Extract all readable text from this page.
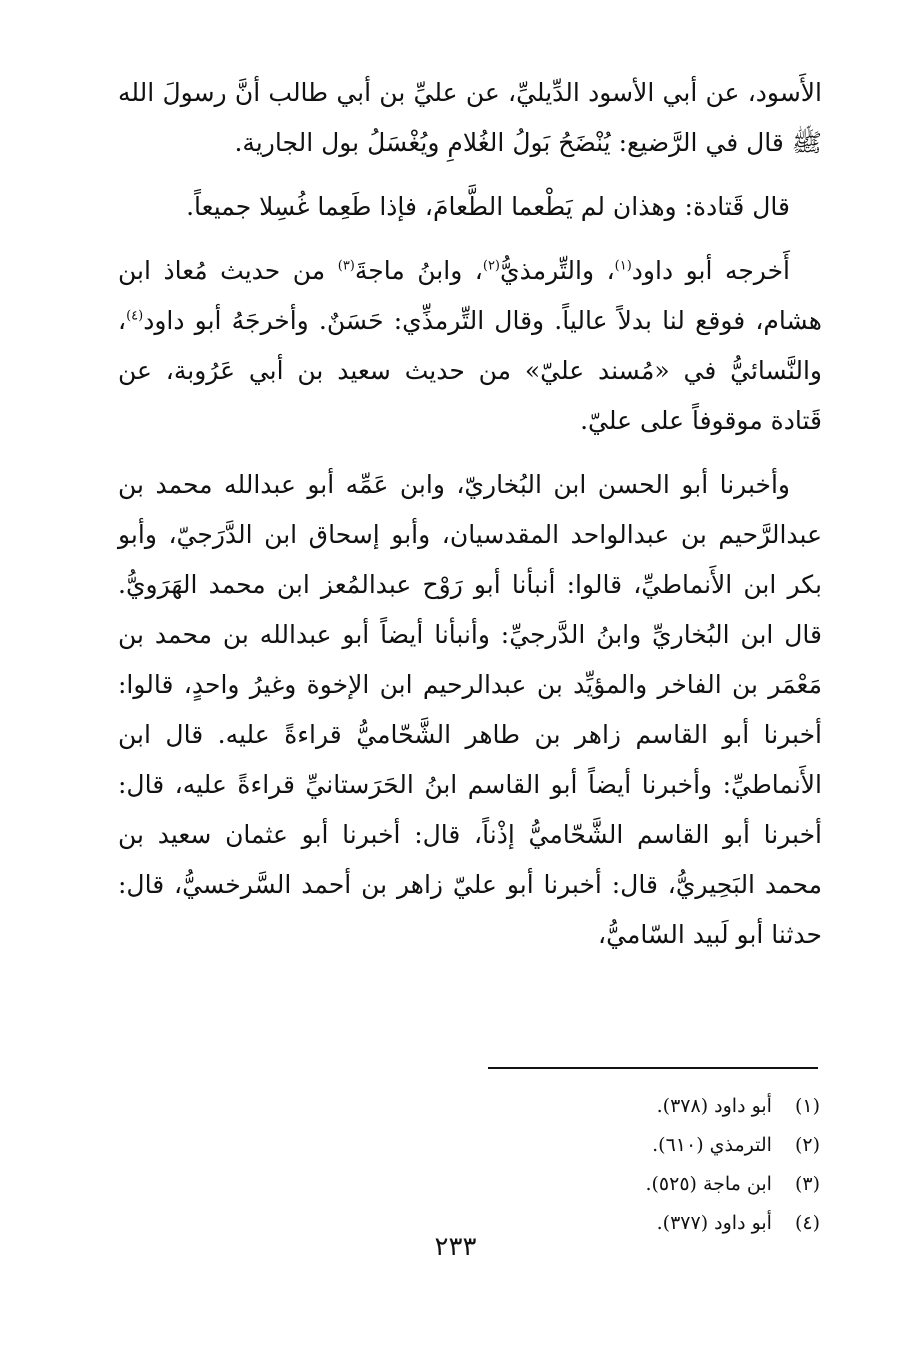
الأَسود، عن أبي الأسود الدِّيليِّ، عن عليِّ بن أبي طالب أنَّ رسولَ الله ﷺ قال في الرَّضيع: يُنْضَحُ بَولُ الغُلامِ ويُغْسَلُ بول الجارية.

قال قَتادة: وهذان لم يَطْعما الطَّعامَ، فإذا طَعِما غُسِلا جميعاً.

أَخرجه أبو داود$^{(١)}$، والتِّرمذيُّ$^{(٢)}$، وابنُ ماجةَ$^{(٣)}$ من حديث مُعاذ ابن هشام، فوقع لنا بدلاً عالياً. وقال التِّرمذِّي: حَسَنٌ. وأخرجَهُ أبو داود$^{(٤)}$، والنَّسائيُّ في «مُسند عليّ» من حديث سعيد بن أبي عَرُوبة، عن قَتادة موقوفاً على عليّ.

وأخبرنا أبو الحسن ابن البُخاريّ، وابن عَمِّه أبو عبدالله محمد بن عبدالرَّحيم بن عبدالواحد المقدسيان، وأبو إسحاق ابن الدَّرَجيّ، وأبو بكر ابن الأَنماطيِّ، قالوا: أنبأنا أبو رَوْح عبدالمُعز ابن محمد الهَرَويُّ. قال ابن البُخاريِّ وابنُ الدَّرجيِّ: وأنبأنا أيضاً أبو عبدالله بن محمد بن مَعْمَر بن الفاخر والمؤيِّد بن عبدالرحيم ابن الإخوة وغيرُ واحدٍ، قالوا: أخبرنا أبو القاسم زاهر بن طاهر الشَّحّاميُّ قراءةً عليه. قال ابن الأَنماطيِّ: وأخبرنا أيضاً أبو القاسم ابنُ الحَرَستانيِّ قراءةً عليه، قال: أخبرنا أبو القاسم الشَّحّاميُّ إذْناً، قال: أخبرنا أبو عثمان سعيد بن محمد البَحِيريُّ، قال: أخبرنا أبو عليّ زاهر بن أحمد السَّرخسيُّ، قال: حدثنا أبو لَبيد السّاميُّ،

(١) أبو داود (٣٧٨).
(٢) الترمذي (٦١٠).
(٣) ابن ماجة (٥٢٥).
(٤) أبو داود (٣٧٧).
٢٣٣
